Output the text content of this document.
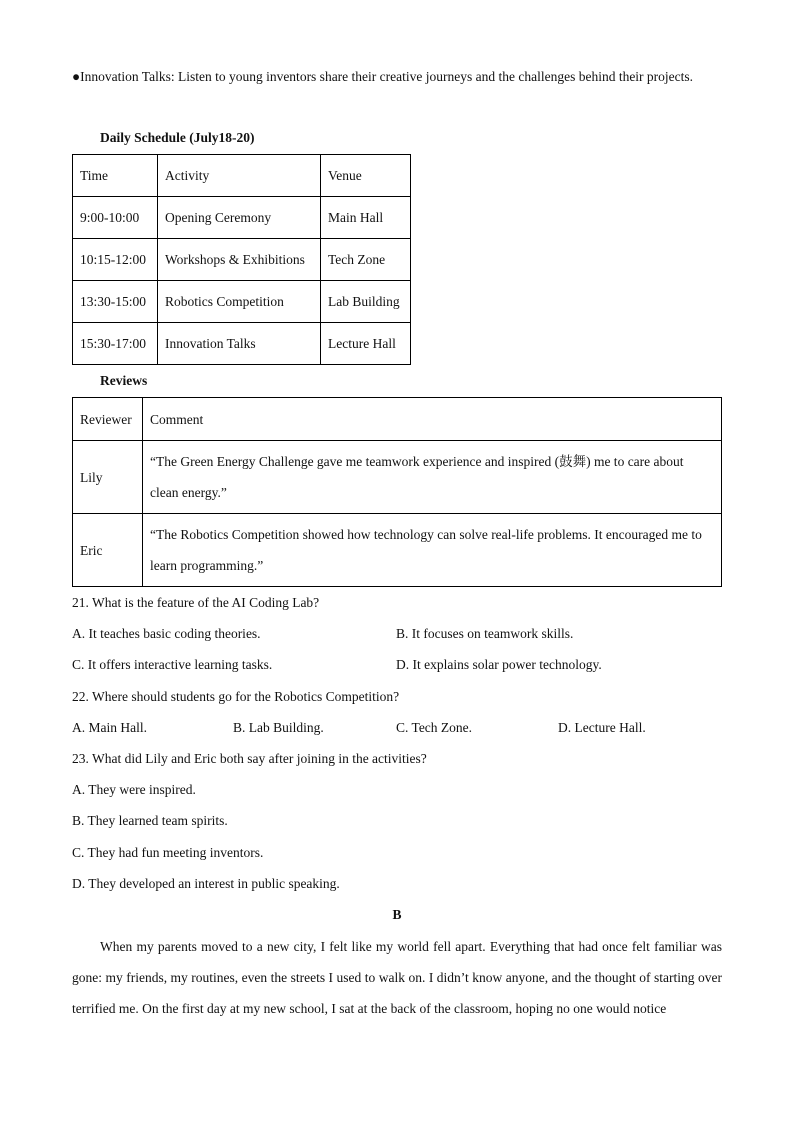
●Innovation Talks: Listen to young inventors share their creative journeys and the challenges behind their projects.
Daily Schedule (July18-20)
Time	Activity	Venue
9:00-10:00	Opening Ceremony	Main Hall
10:15-12:00	Workshops & Exhibitions	Tech Zone
13:30-15:00	Robotics Competition	Lab Building
15:30-17:00	Innovation Talks	Lecture Hall
Reviews
Reviewer	Comment
Lily	“The Green Energy Challenge gave me teamwork experience and inspired (鼓舞) me to care about clean energy.”
Eric	“The Robotics Competition showed how technology can solve real-life problems. It encouraged me to learn programming.”
21. What is the feature of the AI Coding Lab?
A. It teaches basic coding theories.	B. It focuses on teamwork skills.
C. It offers interactive learning tasks.	D. It explains solar power technology.
22. Where should students go for the Robotics Competition?
A. Main Hall.	B. Lab Building.	C. Tech Zone.	D. Lecture Hall.
23. What did Lily and Eric both say after joining in the activities?
A. They were inspired.
B. They learned team spirits.
C. They had fun meeting inventors.
D. They developed an interest in public speaking.
B
When my parents moved to a new city, I felt like my world fell apart. Everything that had once felt familiar was gone: my friends, my routines, even the streets I used to walk on. I didn’t know anyone, and the thought of starting over terrified me. On the first day at my new school, I sat at the back of the classroom, hoping no one would notice
